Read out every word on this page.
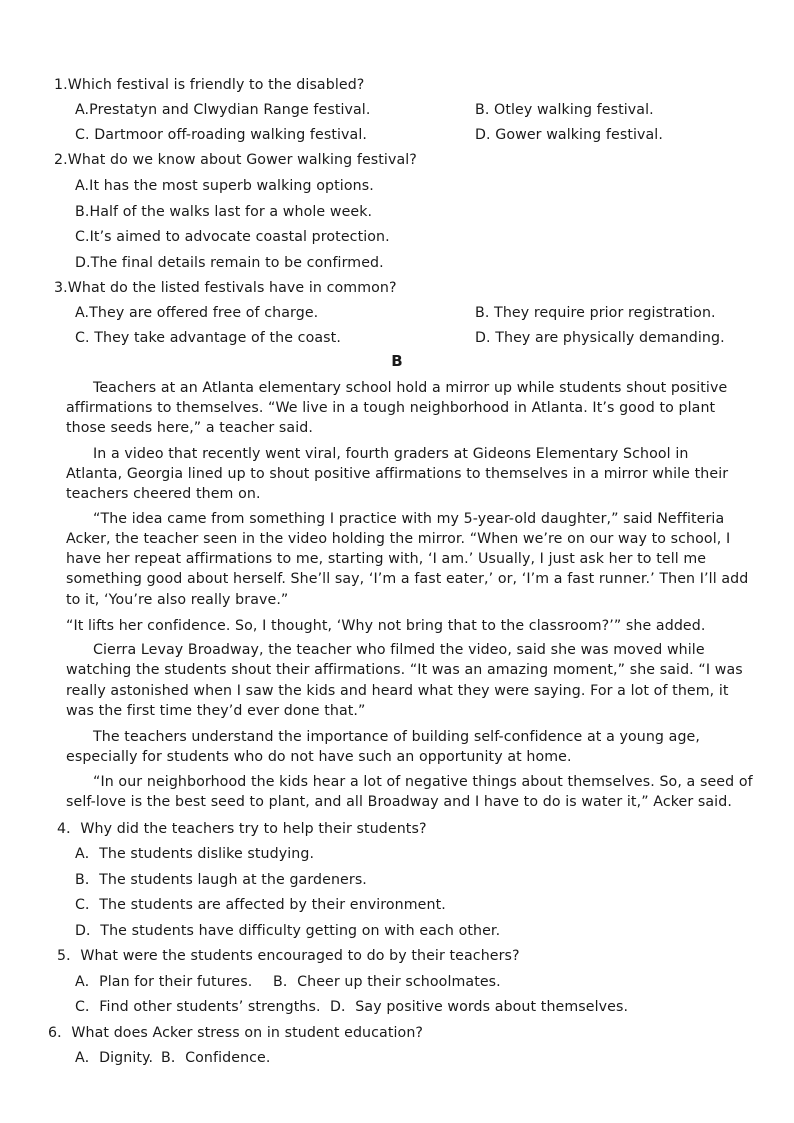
1.Which festival is friendly to the disabled?
A.Prestatyn and Clwydian Range festival.	B. Otley walking festival.
C. Dartmoor off-roading walking festival.	D. Gower walking festival.
2.What do we know about Gower walking festival?
A.It has the most superb walking options.
B.Half of the walks last for a whole week.
C.It’s aimed to advocate coastal protection.
D.The final details remain to be confirmed.
3.What do the listed festivals have in common?
A.They are offered free of charge.	B. They require prior registration.
C. They take advantage of the coast.	D. They are physically demanding.
B
Teachers at an Atlanta elementary school hold a mirror up while students shout positive
affirmations to themselves. “We live in a tough neighborhood in Atlanta. It’s good to plant
those seeds here,” a teacher said.
In a video that recently went viral, fourth graders at Gideons Elementary School in
Atlanta, Georgia lined up to shout positive affirmations to themselves in a mirror while their
teachers cheered them on.
“The idea came from something I practice with my 5-year-old daughter,” said Neffiteria
Acker, the teacher seen in the video holding the mirror. “When we’re on our way to school, I
have her repeat affirmations to me, starting with, ‘I am.’ Usually, I just ask her to tell me
something good about herself. She’ll say, ‘I’m a fast eater,’ or, ‘I’m a fast runner.’ Then I’ll add
to it, ‘You’re also really brave.”
“It lifts her confidence. So, I thought, ‘Why not bring that to the classroom?’” she added.
Cierra Levay Broadway, the teacher who filmed the video, said she was moved while
watching the students shout their affirmations. “It was an amazing moment,” she said. “I was
really astonished when I saw the kids and heard what they were saying. For a lot of them, it
was the first time they’d ever done that.”
The teachers understand the importance of building self-confidence at a young age,
especially for students who do not have such an opportunity at home.
“In our neighborhood the kids hear a lot of negative things about themselves. So, a seed of
self-love is the best seed to plant, and all Broadway and I have to do is water it,” Acker said.
4．Why did the teachers try to help their students?
A．The students dislike studying.
B．The students laugh at the gardeners.
C．The students are affected by their environment.
D．The students have difficulty getting on with each other.
5．What were the students encouraged to do by their teachers?
A．Plan for their futures. B．Cheer up their schoolmates.
C．Find other students’ strengths. D．Say positive words about themselves.
6．What does Acker stress on in student education?
A．Dignity. B．Confidence.
